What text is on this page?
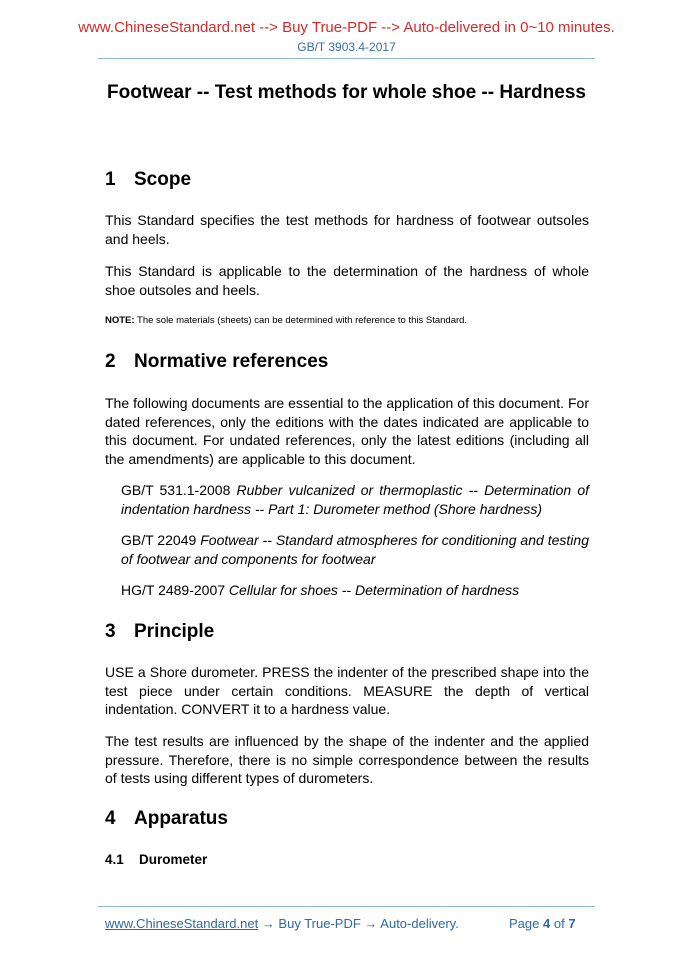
www.ChineseStandard.net --> Buy True-PDF --> Auto-delivered in 0~10 minutes.
GB/T 3903.4-2017
Footwear -- Test methods for whole shoe -- Hardness
1 Scope
This Standard specifies the test methods for hardness of footwear outsoles and heels.
This Standard is applicable to the determination of the hardness of whole shoe outsoles and heels.
NOTE: The sole materials (sheets) can be determined with reference to this Standard.
2 Normative references
The following documents are essential to the application of this document. For dated references, only the editions with the dates indicated are applicable to this document. For undated references, only the latest editions (including all the amendments) are applicable to this document.
GB/T 531.1-2008 Rubber vulcanized or thermoplastic -- Determination of indentation hardness -- Part 1: Durometer method (Shore hardness)
GB/T 22049 Footwear -- Standard atmospheres for conditioning and testing of footwear and components for footwear
HG/T 2489-2007 Cellular for shoes -- Determination of hardness
3 Principle
USE a Shore durometer. PRESS the indenter of the prescribed shape into the test piece under certain conditions. MEASURE the depth of vertical indentation. CONVERT it to a hardness value.
The test results are influenced by the shape of the indenter and the applied pressure. Therefore, there is no simple correspondence between the results of tests using different types of durometers.
4 Apparatus
4.1 Durometer
www.ChineseStandard.net → Buy True-PDF → Auto-delivery.	Page 4 of 7
